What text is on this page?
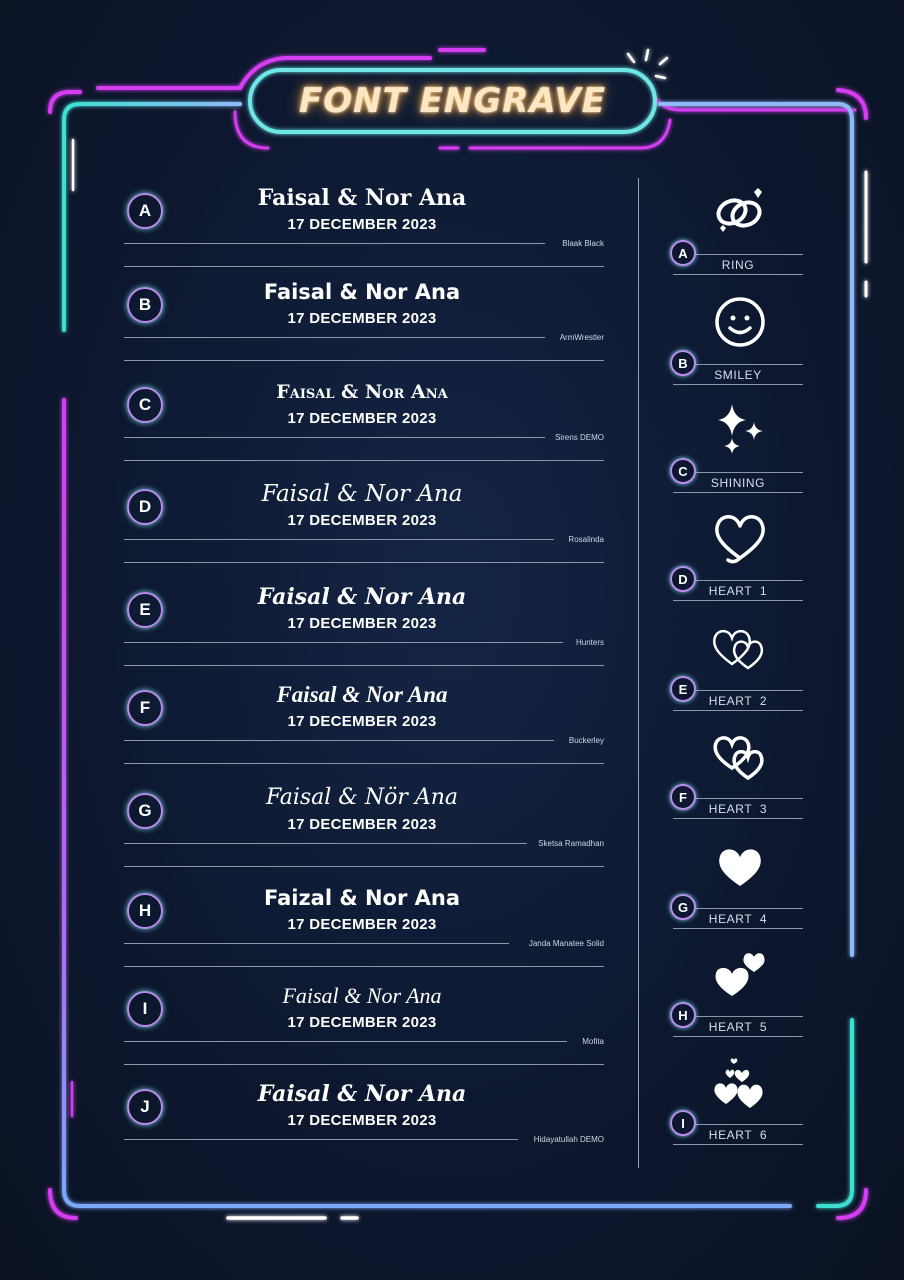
FONT ENGRAVE
A	Faisal & Nor Ana
17 DECEMBER 2023
Blaak Black
B
Faisal & Nor Ana
17 DECEMBER 2023
ArmWrestler
C
Faisal & Nor Ana
17 DECEMBER 2023
Sirens DEMO
D	Faisal & Nor Ana
17 DECEMBER 2023
Rosalinda
E	Faisal & Nor Ana
17 DECEMBER 2023
Hunters
F
Faisal & Nor Ana
17 DECEMBER 2023
Buckerley
G
Faisal & Nör Ana
17 DECEMBER 2023
Sketsa Ramadhan
H
Faizal & Nor Ana
17 DECEMBER 2023
Janda Manatee Solid
I
Faisal & Nor Ana
17 DECEMBER 2023
Mofita
J	Faisal & Nor Ana
17 DECEMBER 2023
Hidayatullah DEMO
RING
A
SMILEY
B
SHINING
C
HEART  1
D
HEART  2
E
HEART  3
F
HEART  4
G
HEART  5
H
HEART  6
I
